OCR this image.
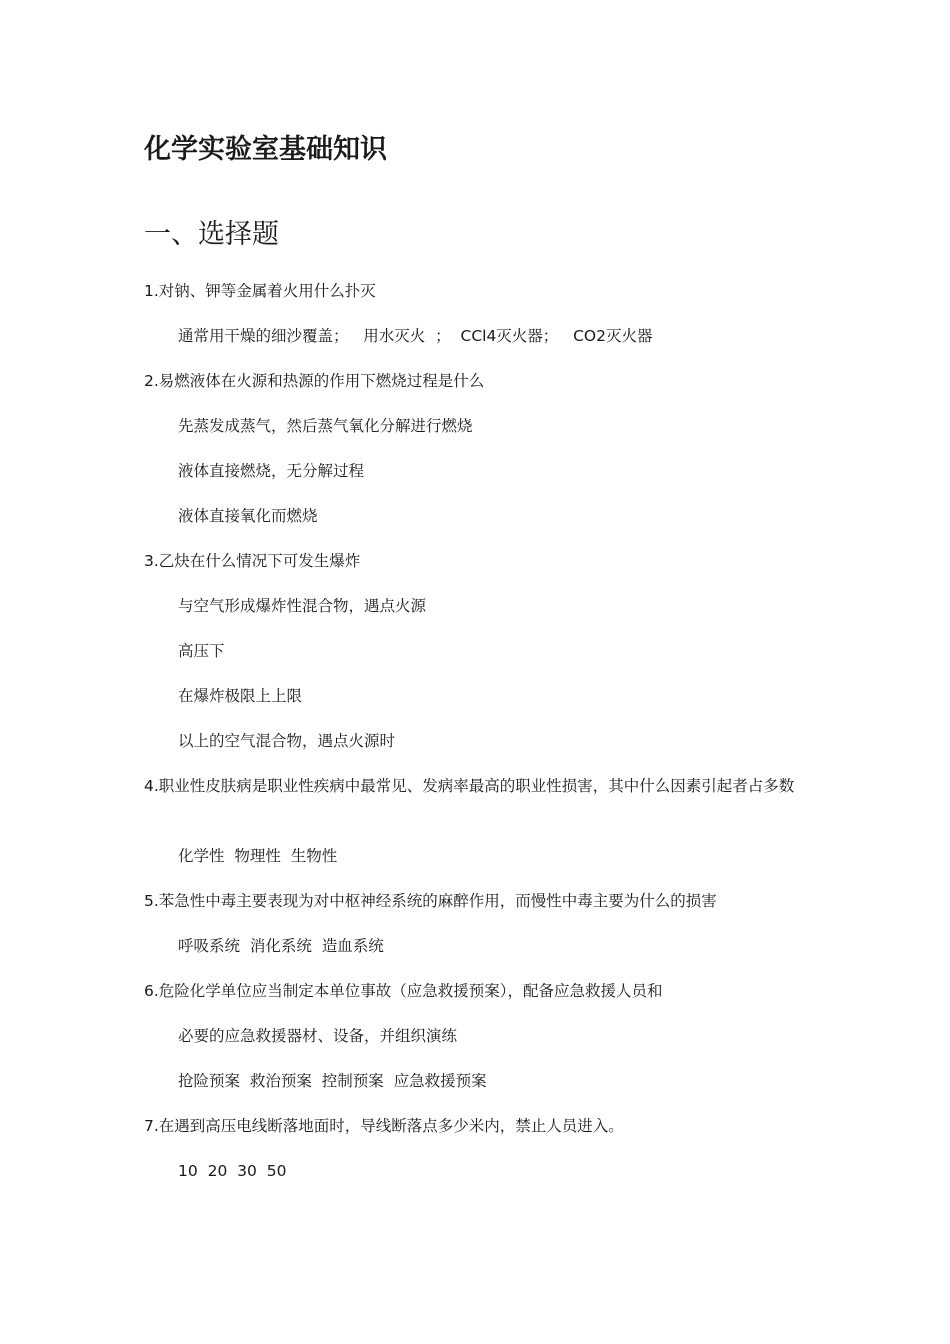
化学实验室基础知识
一、选择题

1.对钠、钾等金属着火用什么扑灭

通常用干燥的细沙覆盖；   用水灭火  ；  CCl4灭火器；   CO2灭火器

2.易燃液体在火源和热源的作用下燃烧过程是什么

先蒸发成蒸气，然后蒸气氧化分解进行燃烧

液体直接燃烧，无分解过程

液体直接氧化而燃烧

3.乙炔在什么情况下可发生爆炸

与空气形成爆炸性混合物，遇点火源

高压下

在爆炸极限上上限

以上的空气混合物，遇点火源时

4.职业性皮肤病是职业性疾病中最常见、发病率最高的职业性损害，其中什么因素引起者占多数

化学性  物理性  生物性

5.苯急性中毒主要表现为对中枢神经系统的麻醉作用，而慢性中毒主要为什么的损害

呼吸系统  消化系统  造血系统

6.危险化学单位应当制定本单位事故（应急救援预案），配备应急救援人员和

必要的应急救援器材、设备，并组织演练

抢险预案  救治预案  控制预案  应急救援预案

7.在遇到高压电线断落地面时，导线断落点多少米内，禁止人员进入。

10  20  30  50
